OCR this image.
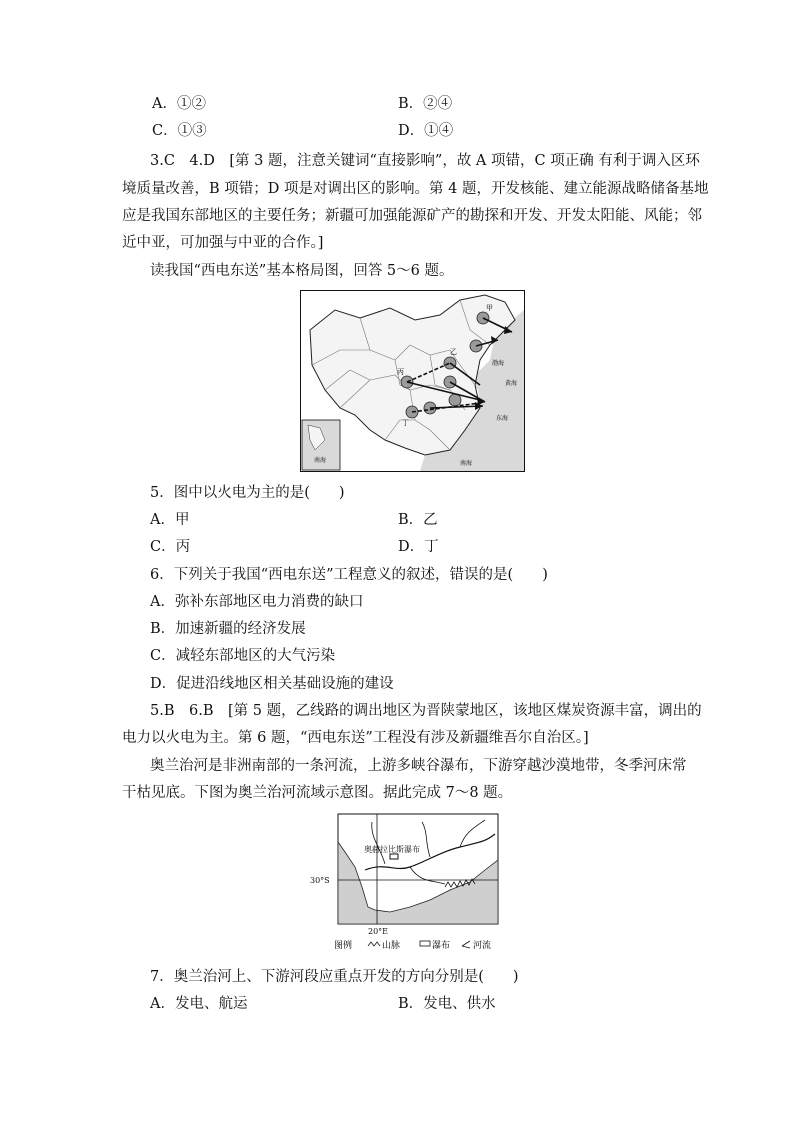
A．①②	B．②④
C．①③	D．①④
3.C　4.D　[第 3 题，注意关键词“直接影响”，故 A 项错，C 项正确 有利于调入区环
境质量改善，B 项错；D 项是对调出区的影响。第 4 题，开发核能、建立能源战略储备基地
应是我国东部地区的主要任务；新疆可加强能源矿产的勘探和开发、开发太阳能、风能；邻
近中亚，可加强与中亚的合作。]
读我国“西电东送”基本格局图，回答 5～6 题。
甲
乙
丙
丁
东海
南海
渤海
黄海
南海
5．图中以火电为主的是(　　)
A．甲	B．乙
C．丙	D．丁
6．下列关于我国“西电东送”工程意义的叙述，错误的是(　　)
A．弥补东部地区电力消费的缺口
B．加速新疆的经济发展
C．减轻东部地区的大气污染
D．促进沿线地区相关基础设施的建设
5.B　6.B　[第 5 题，乙线路的调出地区为晋陕蒙地区，该地区煤炭资源丰富，调出的
电力以火电为主。第 6 题，“西电东送”工程没有涉及新疆维吾尔自治区。]
奥兰治河是非洲南部的一条河流，上游多峡谷瀑布，下游穿越沙漠地带，冬季河床常
干枯见底。下图为奥兰治河流域示意图。据此完成 7～8 题。
奥赫拉比斯瀑布
30°S
20°E
图例	山脉	瀑布	河流
7．奥兰治河上、下游河段应重点开发的方向分别是(　　)
A．发电、航运	B．发电、供水
